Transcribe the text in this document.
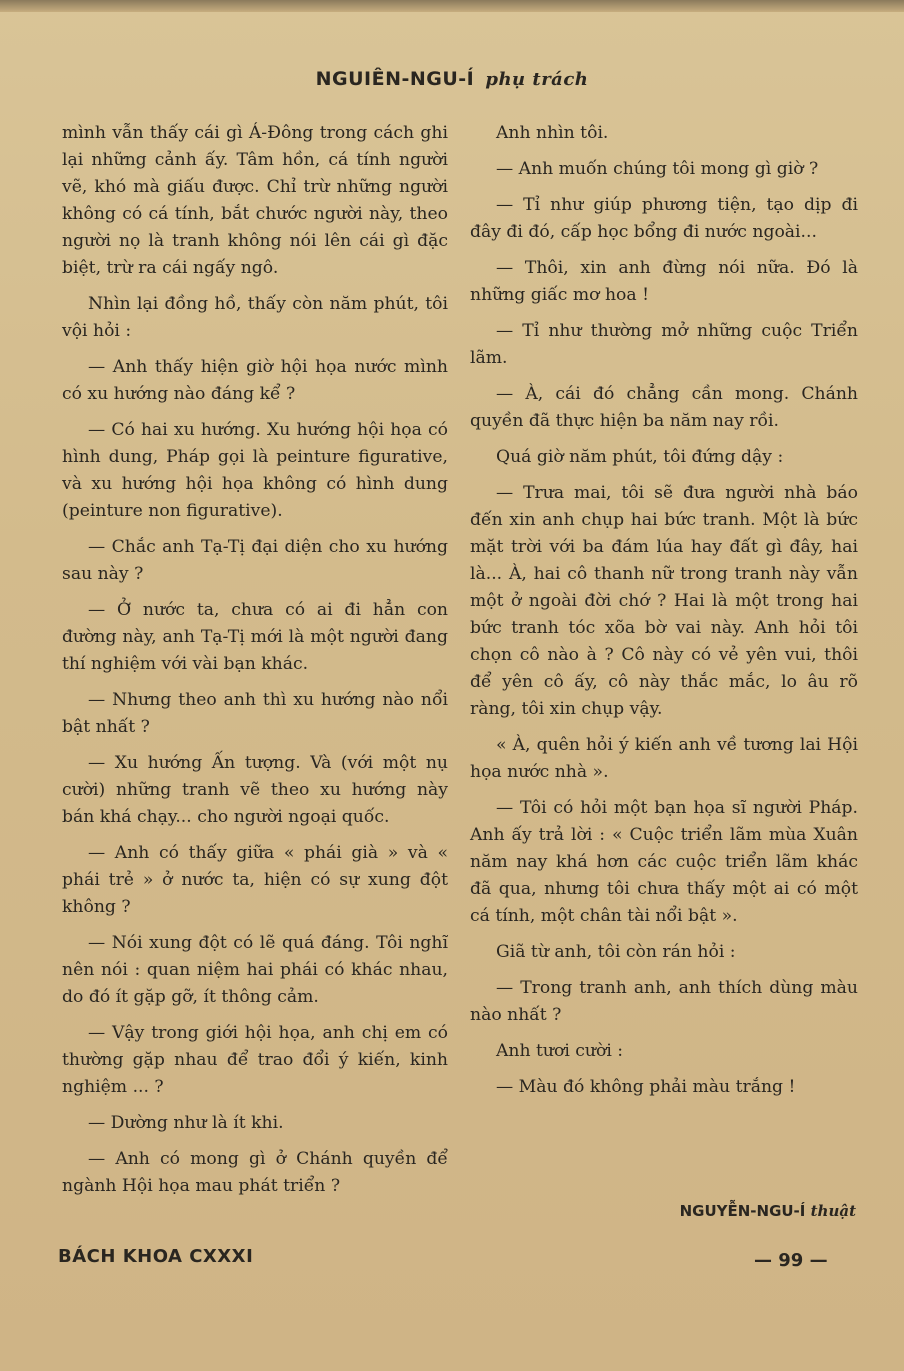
NGUIÊN-NGU-Í phụ trách

mình vẫn thấy cái gì Á-Đông trong cách ghi lại những cảnh ấy. Tâm hồn, cá tính người vẽ, khó mà giấu được. Chỉ trừ những người không có cá tính, bắt chước người này, theo người nọ là tranh không nói lên cái gì đặc biệt, trừ ra cái ngấy ngô.

Nhìn lại đồng hồ, thấy còn năm phút, tôi vội hỏi :

— Anh thấy hiện giờ hội họa nước mình có xu hướng nào đáng kể ?

— Có hai xu hướng. Xu hướng hội họa có hình dung, Pháp gọi là peinture figurative, và xu hướng hội họa không có hình dung (peinture non figurative).

— Chắc anh Tạ-Tị đại diện cho xu hướng sau này ?

— Ở nước ta, chưa có ai đi hẳn con đường này, anh Tạ-Tị mới là một người đang thí nghiệm với vài bạn khác.

— Nhưng theo anh thì xu hướng nào nổi bật nhất ?

— Xu hướng Ấn tượng. Và (với một nụ cười) những tranh vẽ theo xu hướng này bán khá chạy... cho người ngoại quốc.

— Anh có thấy giữa « phái già » và « phái trẻ » ở nước ta, hiện có sự xung đột không ?

— Nói xung đột có lẽ quá đáng. Tôi nghĩ nên nói : quan niệm hai phái có khác nhau, do đó ít gặp gỡ, ít thông cảm.

— Vậy trong giới hội họa, anh chị em có thường gặp nhau để trao đổi ý kiến, kinh nghiệm ... ?

— Dường như là ít khi.

— Anh có mong gì ở Chánh quyền để ngành Hội họa mau phát triển ?

Anh nhìn tôi.

— Anh muốn chúng tôi mong gì giờ ?

— Tỉ như giúp phương tiện, tạo dịp đi đây đi đó, cấp học bổng đi nước ngoài...

— Thôi, xin anh đừng nói nữa. Đó là những giấc mơ hoa !

— Tỉ như thường mở những cuộc Triển lãm.

— À, cái đó chẳng cần mong. Chánh quyền đã thực hiện ba năm nay rồi.

Quá giờ năm phút, tôi đứng dậy :

— Trưa mai, tôi sẽ đưa người nhà báo đến xin anh chụp hai bức tranh. Một là bức mặt trời với ba đám lúa hay đất gì đây, hai là... À, hai cô thanh nữ trong tranh này vẫn một ở ngoài đời chớ ? Hai là một trong hai bức tranh tóc xõa bờ vai này. Anh hỏi tôi chọn cô nào à ? Cô này có vẻ yên vui, thôi để yên cô ấy, cô này thắc mắc, lo âu rõ ràng, tôi xin chụp vậy.

« À, quên hỏi ý kiến anh về tương lai Hội họa nước nhà ».

— Tôi có hỏi một bạn họa sĩ người Pháp. Anh ấy trả lời : « Cuộc triển lãm mùa Xuân năm nay khá hơn các cuộc triển lãm khác đã qua, nhưng tôi chưa thấy một ai có một cá tính, một chân tài nổi bật ».

Giã từ anh, tôi còn rán hỏi :

— Trong tranh anh, anh thích dùng màu nào nhất ?

Anh tươi cười :

— Màu đó không phải màu trắng !

NGUYỄN-NGU-Í thuật
BÁCH KHOA CXXXI	— 99 —
